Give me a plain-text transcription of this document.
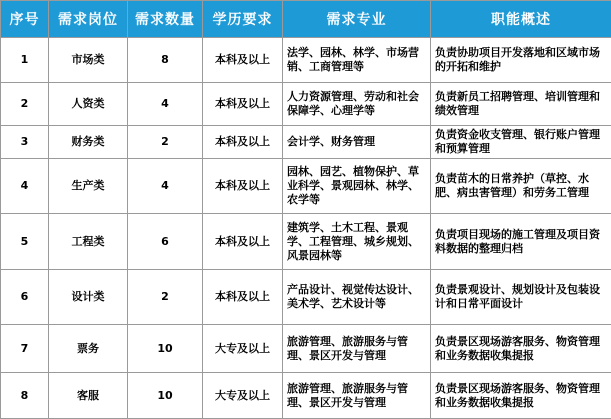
序号	需求岗位	需求数量	学历要求	需求专业	职能概述
1	市场类	8	本科及以上	法学、园林、林学、市场营销、工商管理等	负责协助项目开发落地和区域市场的开拓和维护
2	人资类	4	本科及以上	人力资源管理、劳动和社会保障学、心理学等	负责新员工招聘管理、培训管理和绩效管理
3	财务类	2	本科及以上	会计学、财务管理	负责资金收支管理、银行账户管理和预算管理
4	生产类	4	本科及以上	园林、园艺、植物保护、草业科学、景观园林、林学、农学等	负责苗木的日常养护（草控、水肥、病虫害管理）和劳务工管理
5	工程类	6	本科及以上	建筑学、土木工程、景观学、工程管理、城乡规划、风景园林等	负责项目现场的施工管理及项目资料数据的整理归档
6	设计类	2	本科及以上	产品设计、视觉传达设计、美术学、艺术设计等	负责景观设计、规划设计及包装设计和日常平面设计
7	票务	10	大专及以上	旅游管理、旅游服务与管理、景区开发与管理	负责景区现场游客服务、物资管理和业务数据收集提报
8	客服	10	大专及以上	旅游管理、旅游服务与管理、景区开发与管理	负责景区现场游客服务、物资管理和业务数据收集提报
